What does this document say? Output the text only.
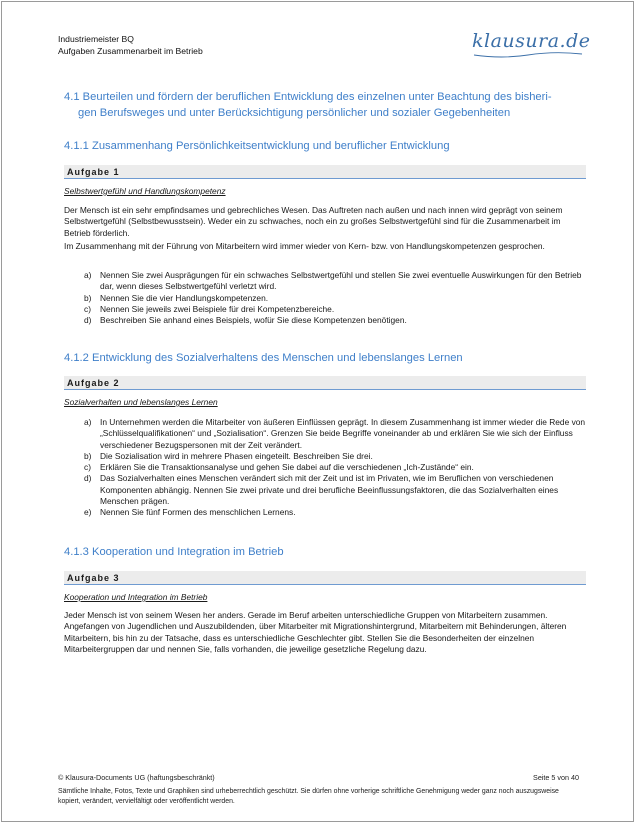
Industriemeister BQ
Aufgaben Zusammenarbeit im Betrieb	klausura.de
4.1 Beurteilen und fördern der beruflichen Entwicklung des einzelnen unter Beachtung des bisheri-
gen Berufsweges und unter Berücksichtigung persönlicher und sozialer Gegebenheiten
4.1.1 Zusammenhang Persönlichkeitsentwicklung und beruflicher Entwicklung
Aufgabe 1
Selbstwertgefühl und Handlungskompetenz
Der Mensch ist ein sehr empfindsames und gebrechliches Wesen. Das Auftreten nach außen und nach innen wird geprägt von seinem Selbstwertgefühl (Selbstbewusstsein). Weder ein zu schwaches, noch ein zu großes Selbstwertgefühl sind für die Zusammenarbeit im Betrieb förderlich.
Im Zusammenhang mit der Führung von Mitarbeitern wird immer wieder von Kern- bzw. von Handlungskompetenzen gesprochen.
a)	Nennen Sie zwei Ausprägungen für ein schwaches Selbstwertgefühl und stellen Sie zwei eventuelle Auswirkungen für den Betrieb dar, wenn dieses Selbstwertgefühl verletzt wird.
b)	Nennen Sie die vier Handlungskompetenzen.
c)	Nennen Sie jeweils zwei Beispiele für drei Kompetenzbereiche.
d)	Beschreiben Sie anhand eines Beispiels, wofür Sie diese Kompetenzen benötigen.
4.1.2 Entwicklung des Sozialverhaltens des Menschen und lebenslanges Lernen
Aufgabe 2
Sozialverhalten und lebenslanges Lernen
a)	In Unternehmen werden die Mitarbeiter von äußeren Einflüssen geprägt. In diesem Zusammenhang ist immer wieder die Rede von „Schlüsselqualifikationen“ und „Sozialisation“. Grenzen Sie beide Begriffe voneinander ab und erklären Sie wie sich der Einfluss verschiedener Bezugspersonen mit der Zeit verändert.
b)	Die Sozialisation wird in mehrere Phasen eingeteilt. Beschreiben Sie drei.
c)	Erklären Sie die Transaktionsanalyse und gehen Sie dabei auf die verschiedenen „Ich-Zustände“ ein.
d)	Das Sozialverhalten eines Menschen verändert sich mit der Zeit und ist im Privaten, wie im Beruflichen von verschiedenen Komponenten abhängig. Nennen Sie zwei private und drei berufliche Beeinflussungsfaktoren, die das Sozialverhalten eines Menschen prägen.
e)	Nennen Sie fünf Formen des menschlichen Lernens.
4.1.3 Kooperation und Integration im Betrieb
Aufgabe 3
Kooperation und Integration im Betrieb
Jeder Mensch ist von seinem Wesen her anders. Gerade im Beruf arbeiten unterschiedliche Gruppen von Mitarbeitern zusammen. Angefangen von Jugendlichen und Auszubildenden, über Mitarbeiter mit Migrationshintergrund, Mitarbeitern mit Behinderungen, älteren Mitarbeitern, bis hin zu der Tatsache, dass es unterschiedliche Geschlechter gibt. Stellen Sie die Besonderheiten der einzelnen Mitarbeitergruppen dar und nennen Sie, falls vorhanden, die jeweilige gesetzliche Regelung dazu.
© Klausura-Documents UG (haftungsbeschränkt)	Seite 5 von 40
Sämtliche Inhalte, Fotos, Texte und Graphiken sind urheberrechtlich geschützt. Sie dürfen ohne vorherige schriftliche Genehmigung weder ganz noch auszugsweise kopiert, verändert, vervielfältigt oder veröffentlicht werden.
